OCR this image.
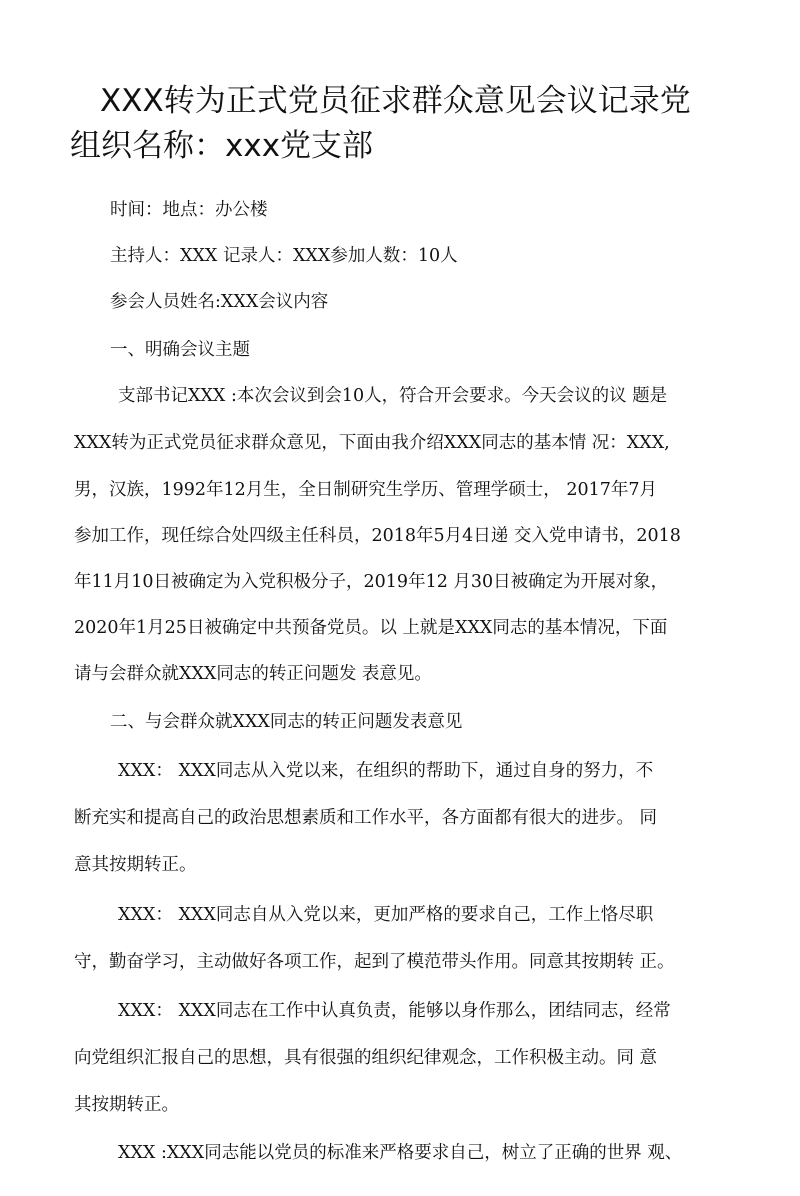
XXX转为正式党员征求群众意见会议记录党
组织名称：xxx党支部
时间：地点：办公楼
主持人：XXX 记录人：XXX参加人数：10人
参会人员姓名:XXX会议内容
一、明确会议主题
支部书记XXX :本次会议到会10人，符合开会要求。今天会议的议 题是
XXX转为正式党员征求群众意见，下面由我介绍XXX同志的基本情 况：XXX,
男，汉族，1992年12月生，全日制研究生学历、管理学硕士， 2017年7月
参加工作，现任综合处四级主任科员，2018年5月4日递 交入党申请书，2018
年11月10日被确定为入党积极分子，2019年12 月30日被确定为开展对象，
2020年1月25日被确定中共预备党员。以 上就是XXX同志的基本情况，下面
请与会群众就XXX同志的转正问题发 表意见。
二、与会群众就XXX同志的转正问题发表意见
XXX： XXX同志从入党以来，在组织的帮助下，通过自身的努力，不
断充实和提高自己的政治思想素质和工作水平，各方面都有很大的进步。 同
意其按期转正。
XXX： XXX同志自从入党以来，更加严格的要求自己，工作上恪尽职
守，勤奋学习，主动做好各项工作，起到了模范带头作用。同意其按期转 正。
XXX： XXX同志在工作中认真负责，能够以身作那么，团结同志，经常
向党组织汇报自己的思想，具有很强的组织纪律观念，工作积极主动。同 意
其按期转正。
XXX :XXX同志能以党员的标准来严格要求自己，树立了正确的世界 观、
